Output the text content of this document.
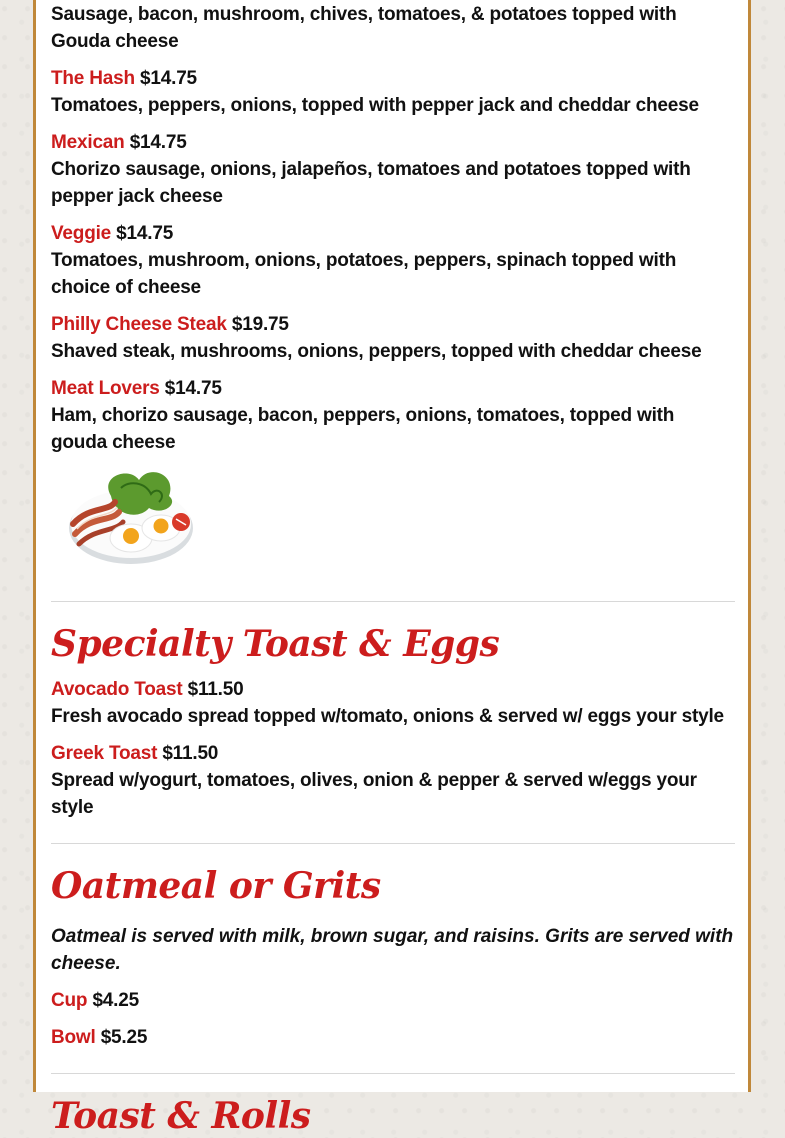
Sausage, bacon, mushroom, chives, tomatoes, & potatoes topped with Gouda cheese
The Hash $14.75
Tomatoes, peppers, onions, topped with pepper jack and cheddar cheese
Mexican $14.75
Chorizo sausage, onions, jalapeños, tomatoes and potatoes topped with pepper jack cheese
Veggie $14.75
Tomatoes, mushroom, onions, potatoes, peppers, spinach topped with choice of cheese
Philly Cheese Steak $19.75
Shaved steak, mushrooms, onions, peppers, topped with cheddar cheese
Meat Lovers $14.75
Ham, chorizo sausage, bacon, peppers, onions, tomatoes, topped with gouda cheese
Specialty Toast & Eggs
Avocado Toast $11.50
Fresh avocado spread topped w/tomato, onions & served w/ eggs your style
Greek Toast $11.50
Spread w/yogurt, tomatoes, olives, onion & pepper & served w/eggs your style
Oatmeal or Grits
Oatmeal is served with milk, brown sugar, and raisins. Grits are served with cheese.
Cup $4.25
Bowl $5.25
Toast & Rolls
